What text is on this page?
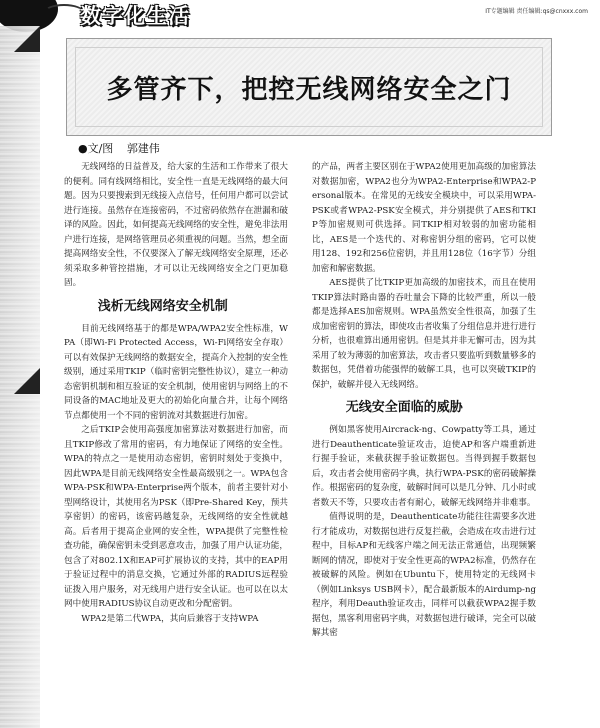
数字化生活	IT专题编辑 责任编辑:qs@cnxxx.com
多管齐下，把控无线网络安全之门
●文/图 郭建伟

无线网络的日益普及，给大家的生活和工作带来了很大的便利。同有线网络相比，安全性一直是无线网络的最大问题。因为只要搜索到无线接入点信号，任何用户都可以尝试进行连接。虽然存在连接密码，不过密码依然存在泄漏和破译的风险。因此，如何提高无线网络的安全性，避免非法用户进行连接，是网络管理员必须重视的问题。当然，想全面提高网络安全性，不仅要深入了解无线网络安全原理，还必须采取多种管控措施，才可以让无线网络安全之门更加稳固。

浅析无线网络安全机制

目前无线网络基于的都是WPA/WPA2安全性标准，WPA（即Wi-Fi Protected Access，Wi-Fi网络安全存取）可以有效保护无线网络的数据安全，提高介入控制的安全性级别，通过采用TKIP（临时密钥完整性协议），建立一种动态密钥机制和相互验证的安全机制，使用密钥与网络上的不同设备的MAC地址及更大的初始化向量合并，让每个网络节点都使用一个不同的密钥流对其数据进行加密。

之后TKIP会使用高强度加密算法对数据进行加密，而且TKIP修改了常用的密码，有力地保证了网络的安全性。WPA的特点之一是使用动态密钥，密钥时刻处于变换中，因此WPA是目前无线网络安全性最高级别之一。WPA包含WPA-PSK和WPA-Enterprise两个版本，前者主要针对小型网络设计，其使用名为PSK（即Pre-Shared Key，预共享密钥）的密码，该密码越复杂，无线网络的安全性就越高。后者用于提高企业网的安全性，WPA提供了完整性检查功能，确保密钥未受到恶意攻击，加强了用户认证功能，包含了对802.1X和EAP可扩展协议的支持，其中的EAP用于验证过程中的消息交换，它通过外部的RADIUS远程验证拨入用户服务，对无线用户进行安全认证。也可以在以太网中使用RADIUS协议自动更改和分配密钥。

WPA2是第二代WPA，其向后兼容于支持WPA

的产品，两者主要区别在于WPA2使用更加高级的加密算法对数据加密，WPA2也分为WPA2-Enterprise和WPA2-Personal版本。在常见的无线安全模块中，可以采用WPA-PSK或者WPA2-PSK安全模式，并分别提供了AES和TKIP等加密规则可供选择。同TKIP相对较弱的加密功能相比，AES是一个迭代的、对称密钥分组的密码，它可以使用128、192和256位密钥，并且用128位（16字节）分组加密和解密数据。

AES提供了比TKIP更加高级的加密技术，而且在使用TKIP算法时路由器的吞吐量会下降的比较严重，所以一般都是选择AES加密规则。WPA虽然安全性很高，加强了生成加密密钥的算法，即使攻击者收集了分组信息并进行进行分析，也很难算出通用密钥。但是其并非无懈可击，因为其采用了较为薄弱的加密算法，攻击者只要监听到数量够多的数据包，凭借着功能强悍的破解工具，也可以突破TKIP的保护，破解并侵入无线网络。

无线安全面临的威胁

例如黑客使用Aircrack-ng、Cowpatty等工具，通过进行Deauthenticate验证攻击，迫使AP和客户端重新进行握手验证，来截获握手验证数据包。当得到握手数据包后，攻击者会使用密码字典，执行WPA-PSK的密码破解操作。根据密码的复杂度，破解时间可以是几分钟、几小时或者数天不等，只要攻击者有耐心，破解无线网络并非难事。

值得说明的是，Deauthenticate功能往往需要多次进行才能成功，对数据包进行反复拦截，会造成在攻击进行过程中，目标AP和无线客户端之间无法正常通信，出现频繁断网的情况，即使对于安全性更高的WPA2标准，仍然存在被破解的风险。例如在Ubuntu下，使用特定的无线网卡（例如Linksys USB网卡），配合最新版本的Airdump-ng程序，利用Deauth验证攻击，同样可以截获WPA2握手数据包，黑客利用密码字典，对数据包进行破译，完全可以破解其密
